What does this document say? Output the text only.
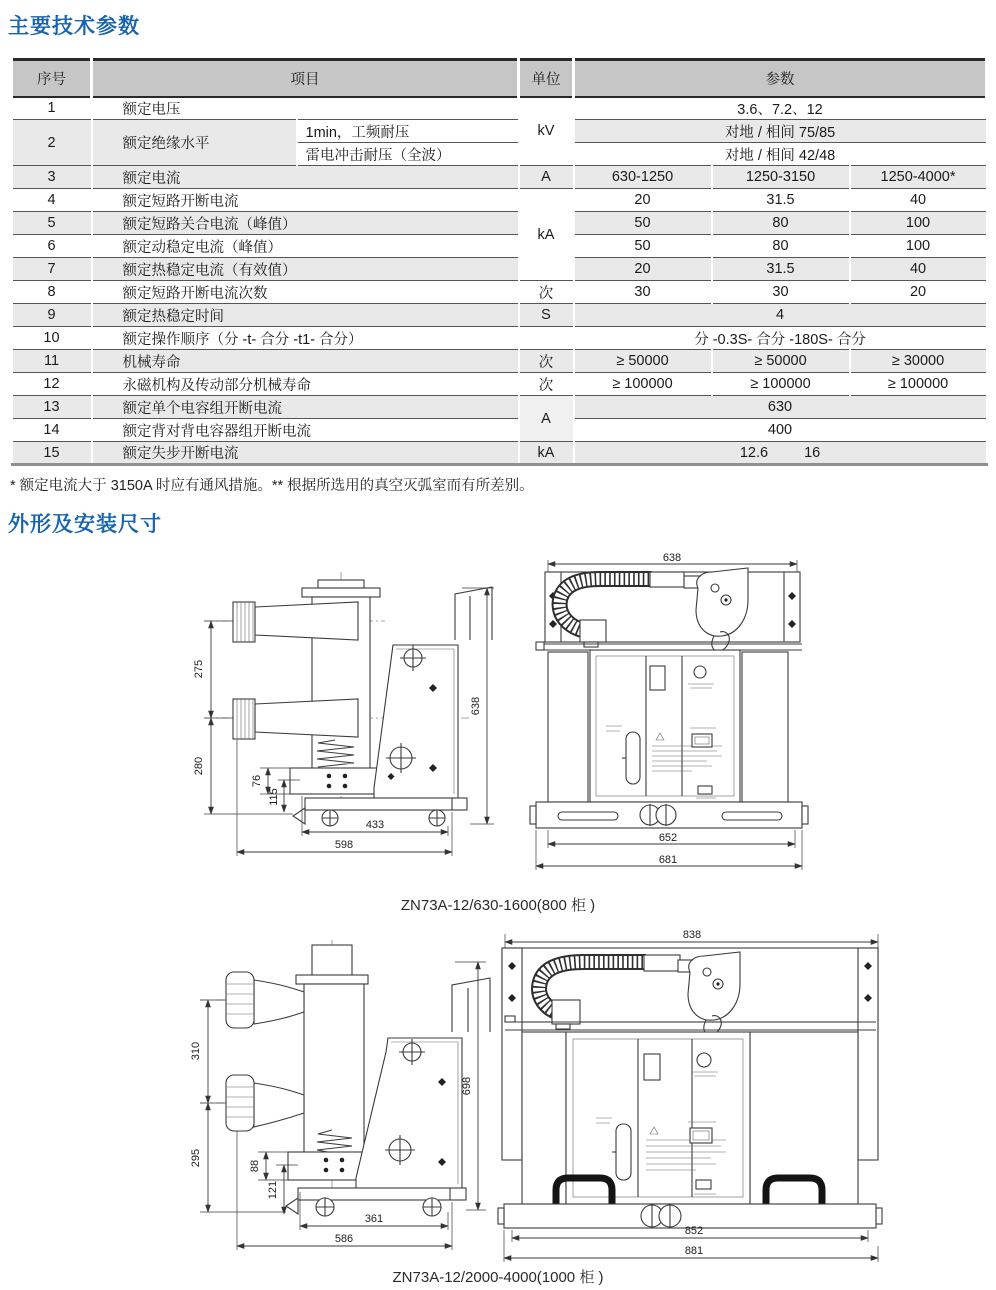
主要技术参数
序号	项目		单位	参数		
1	额定电压		kV	3.6、7.2、12		
2	额定绝缘水平	1min，工频耐压		对地 / 相间 75/85		
		雷电冲击耐压（全波）		对地 / 相间 42/48		
3	额定电流		A	630-1250	1250-3150	1250-4000*
4	额定短路开断电流		kA	20	31.5	40
5	额定短路关合电流（峰值）			50	80	100
6	额定动稳定电流（峰值）			50	80	100
7	额定热稳定电流（有效值）			20	31.5	40
8	额定短路开断电流次数		次	30	30	20
9	额定热稳定时间		S	4		
10	额定操作顺序（分 -t- 合分 -t1- 合分）			分 -0.3S- 合分 -180S- 合分		
11	机械寿命		次	≥ 50000	≥ 50000	≥ 30000
12	永磁机构及传动部分机械寿命		次	≥ 100000	≥ 100000	≥ 100000
13	额定单个电容组开断电流		A	630		
14	额定背对背电容器组开断电流			400		
15	额定失步开断电流		kA	12.6 16		
* 额定电流大于 3150A 时应有通风措施。** 根据所选用的真空灭弧室而有所差别。
外形及安装尺寸
275
280
76
115
433
598
638
638
652
681
ZN73A-12/630-1600(800 柜 )
310
295	88
121
361
586
698
838
852
881
ZN73A-12/2000-4000(1000 柜 )
